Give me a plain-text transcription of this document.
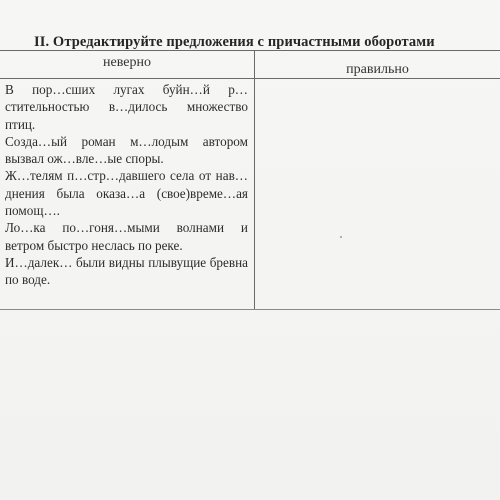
II. Отредактируйте предложения с причастными оборотами
неверно	правильно

В пор…сших лугах буйн…й р…стительностью в…дилось множество птиц.

Созда…ый роман м…лодым автором вызвал ож…вле…ые споры.

Ж…телям п…стр…давшего села от нав…днения была оказа…а (своe)време…ая помощ….

Ло…ка по…гоня…мыми волнами и ветром быстро неслась по реке.

И…далек… были видны плывущие бревна по воде.
